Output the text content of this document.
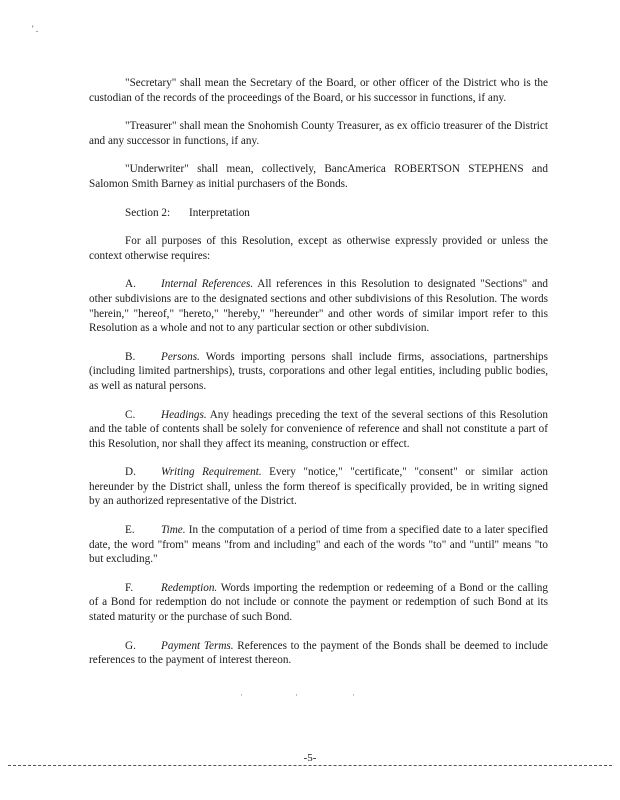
' .

"Secretary" shall mean the Secretary of the Board, or other officer of the District who is the custodian of the records of the proceedings of the Board, or his successor in functions, if any.

"Treasurer" shall mean the Snohomish County Treasurer, as ex officio treasurer of the District and any successor in functions, if any.

"Underwriter" shall mean, collectively, BancAmerica ROBERTSON STEPHENS and Salomon Smith Barney as initial purchasers of the Bonds.

Section 2: Interpretation

For all purposes of this Resolution, except as otherwise expressly provided or unless the context otherwise requires:

A. Internal References. All references in this Resolution to designated "Sections" and other subdivisions are to the designated sections and other subdivisions of this Resolution. The words "herein," "hereof," "hereto," "hereby," "hereunder" and other words of similar import refer to this Resolution as a whole and not to any particular section or other subdivision.

B. Persons. Words importing persons shall include firms, associations, partnerships (including limited partnerships), trusts, corporations and other legal entities, including public bodies, as well as natural persons.

C. Headings. Any headings preceding the text of the several sections of this Resolution and the table of contents shall be solely for convenience of reference and shall not constitute a part of this Resolution, nor shall they affect its meaning, construction or effect.

D. Writing Requirement. Every "notice," "certificate," "consent" or similar action hereunder by the District shall, unless the form thereof is specifically provided, be in writing signed by an authorized representative of the District.

E. Time. In the computation of a period of time from a specified date to a later specified date, the word "from" means "from and including" and each of the words "to" and "until" means "to but excluding."

F. Redemption. Words importing the redemption or redeeming of a Bond or the calling of a Bond for redemption do not include or connote the payment or redemption of such Bond at its stated maturity or the purchase of such Bond.

G. Payment Terms. References to the payment of the Bonds shall be deemed to include references to the payment of interest thereon.

·	·	·
-5-
